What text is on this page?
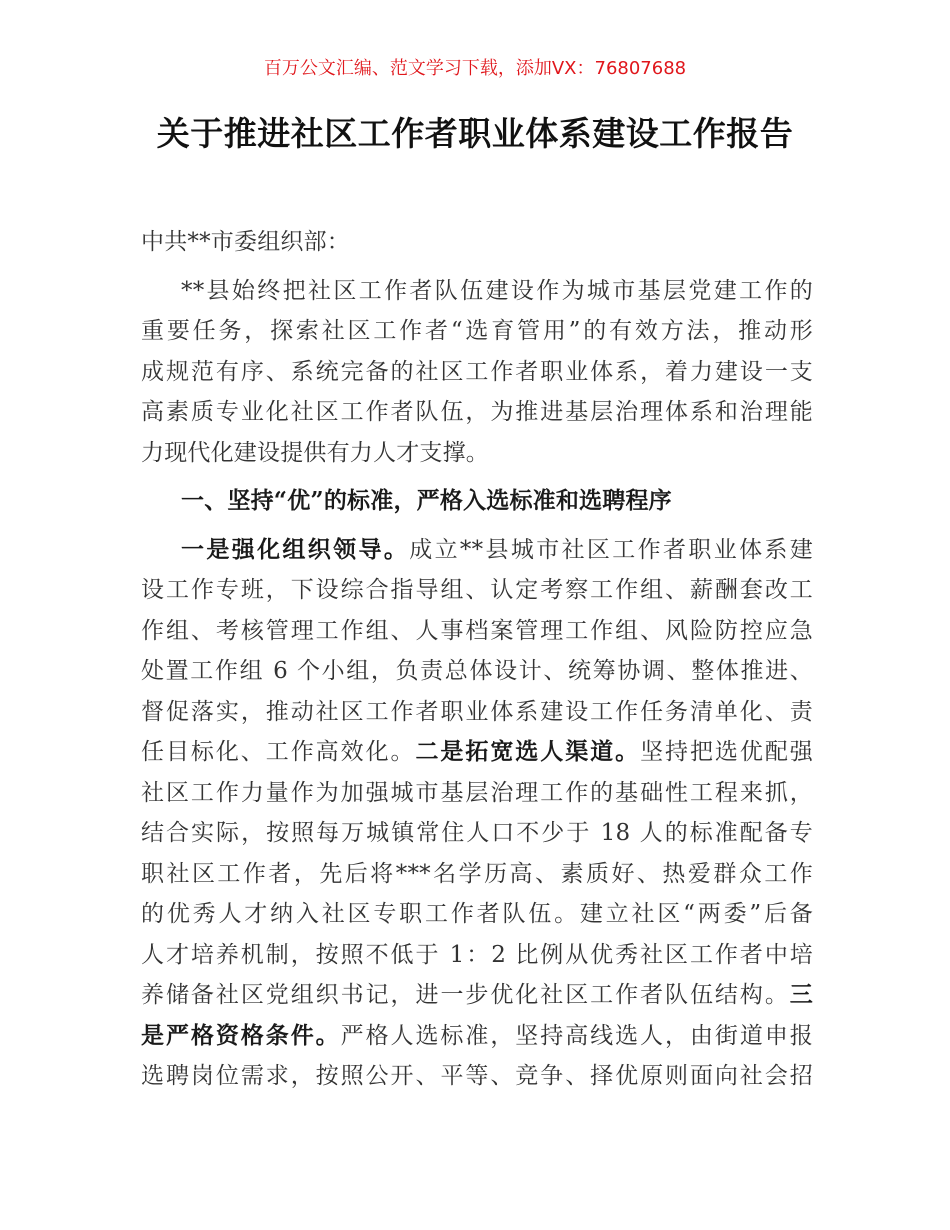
百万公文汇编、范文学习下载，添加VX：76807688
关于推进社区工作者职业体系建设工作报告
中共**市委组织部：
**县始终把社区工作者队伍建设作为城市基层党建工作的
重要任务，探索社区工作者“选育管用”的有效方法，推动形
成规范有序、系统完备的社区工作者职业体系，着力建设一支
高素质专业化社区工作者队伍，为推进基层治理体系和治理能
力现代化建设提供有力人才支撑。
一、坚持“优”的标准，严格入选标准和选聘程序
一是强化组织领导。成立**县城市社区工作者职业体系建
设工作专班，下设综合指导组、认定考察工作组、薪酬套改工
作组、考核管理工作组、人事档案管理工作组、风险防控应急
处置工作组 6 个小组，负责总体设计、统筹协调、整体推进、
督促落实，推动社区工作者职业体系建设工作任务清单化、责
任目标化、工作高效化。二是拓宽选人渠道。坚持把选优配强
社区工作力量作为加强城市基层治理工作的基础性工程来抓，
结合实际，按照每万城镇常住人口不少于 18 人的标准配备专
职社区工作者，先后将***名学历高、素质好、热爱群众工作
的优秀人才纳入社区专职工作者队伍。建立社区“两委”后备
人才培养机制，按照不低于 1：2 比例从优秀社区工作者中培
养储备社区党组织书记，进一步优化社区工作者队伍结构。三
是严格资格条件。严格人选标准，坚持高线选人，由街道申报
选聘岗位需求，按照公开、平等、竞争、择优原则面向社会招
